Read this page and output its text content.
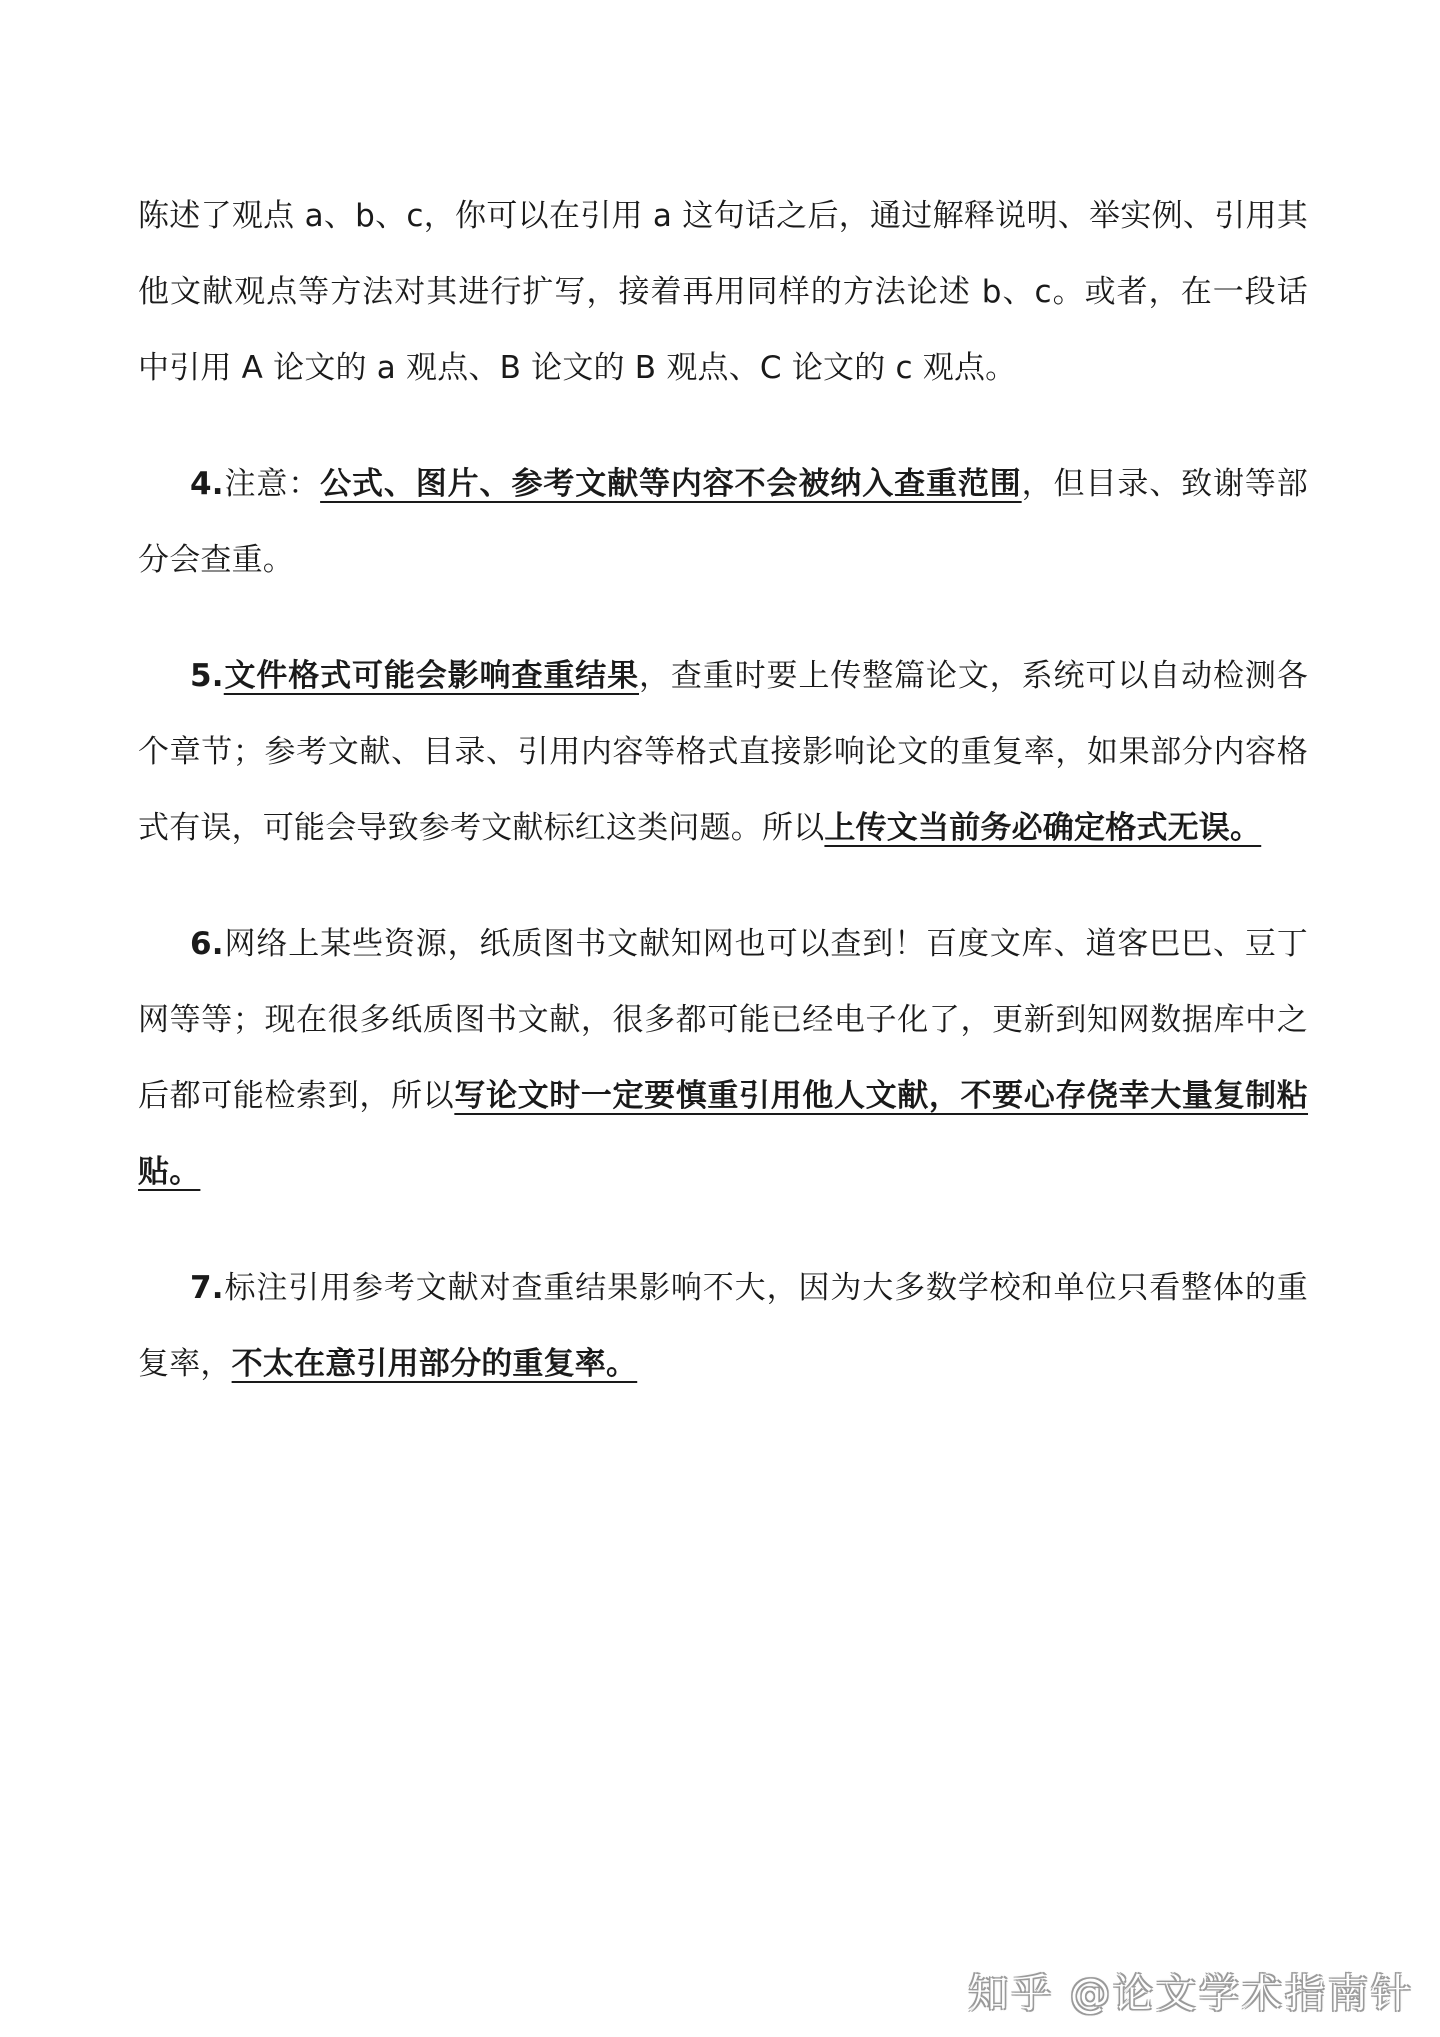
陈述了观点 a、b、c，你可以在引用 a 这句话之后，通过解释说明、举实例、引用其他文献观点等方法对其进行扩写，接着再用同样的方法论述 b、c。或者，在一段话中引用 A 论文的 a 观点、B 论文的 B 观点、C 论文的 c 观点。

4.注意：公式、图片、参考文献等内容不会被纳入查重范围，但目录、致谢等部分会查重。

5.文件格式可能会影响查重结果，查重时要上传整篇论文，系统可以自动检测各个章节；参考文献、目录、引用内容等格式直接影响论文的重复率，如果部分内容格式有误，可能会导致参考文献标红这类问题。所以上传文当前务必确定格式无误。

6.网络上某些资源，纸质图书文献知网也可以查到！百度文库、道客巴巴、豆丁网等等；现在很多纸质图书文献，很多都可能已经电子化了，更新到知网数据库中之后都可能检索到，所以写论文时一定要慎重引用他人文献，不要心存侥幸大量复制粘贴。

7.标注引用参考文献对查重结果影响不大，因为大多数学校和单位只看整体的重复率，不太在意引用部分的重复率。

知乎 @论文学术指南针
